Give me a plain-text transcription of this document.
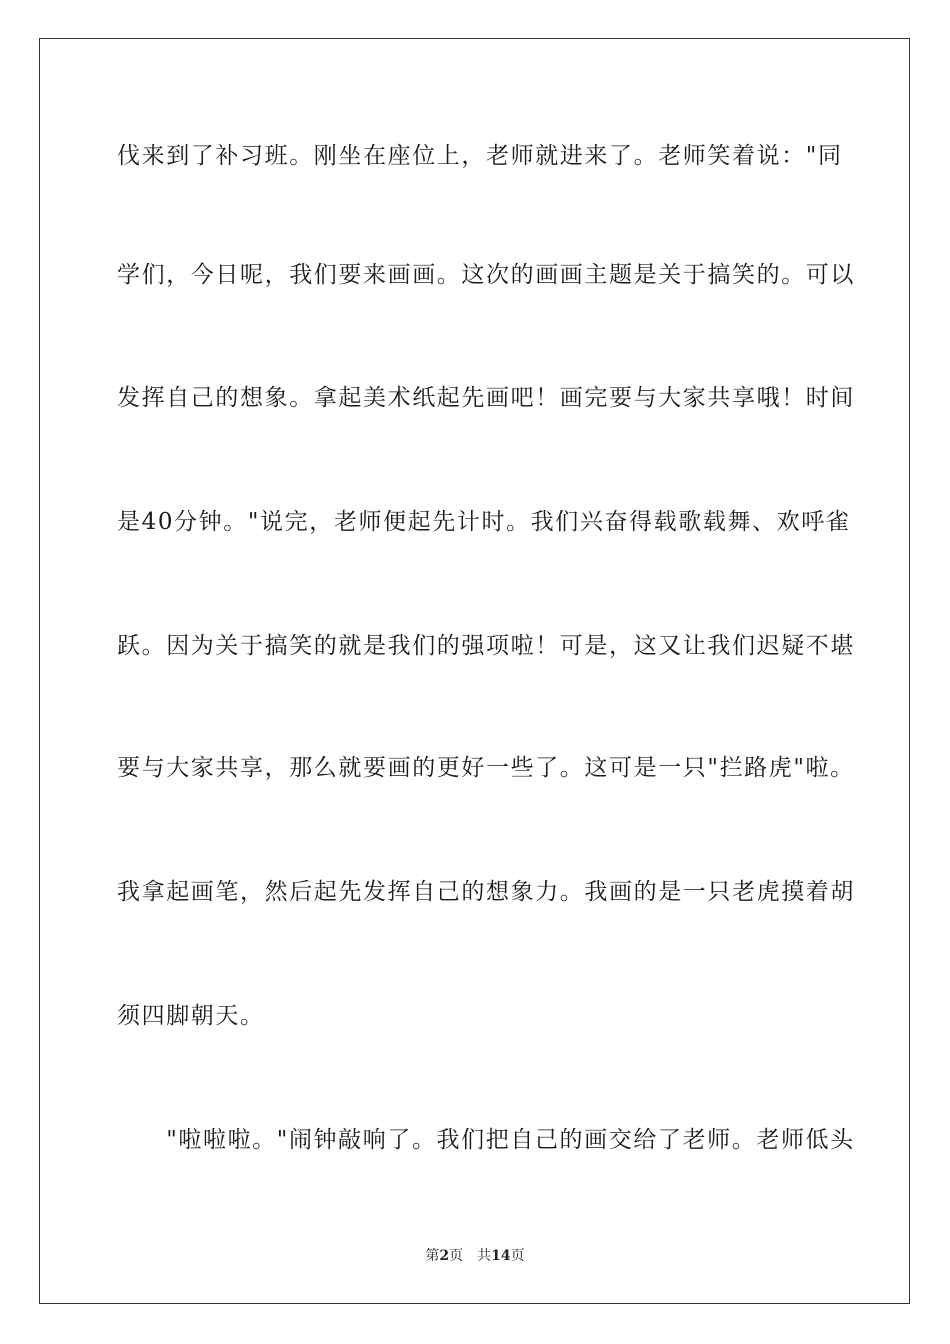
伐来到了补习班。刚坐在座位上，老师就进来了。老师笑着说："同

学们，今日呢，我们要来画画。这次的画画主题是关于搞笑的。可以

发挥自己的想象。拿起美术纸起先画吧！画完要与大家共享哦！时间

是40分钟。"说完，老师便起先计时。我们兴奋得载歌载舞、欢呼雀

跃。因为关于搞笑的就是我们的强项啦！可是，这又让我们迟疑不堪

要与大家共享，那么就要画的更好一些了。这可是一只"拦路虎"啦。

我拿起画笔，然后起先发挥自己的想象力。我画的是一只老虎摸着胡

须四脚朝天。

　　"啦啦啦。"闹钟敲响了。我们把自己的画交给了老师。老师低头

第2页 共14页
